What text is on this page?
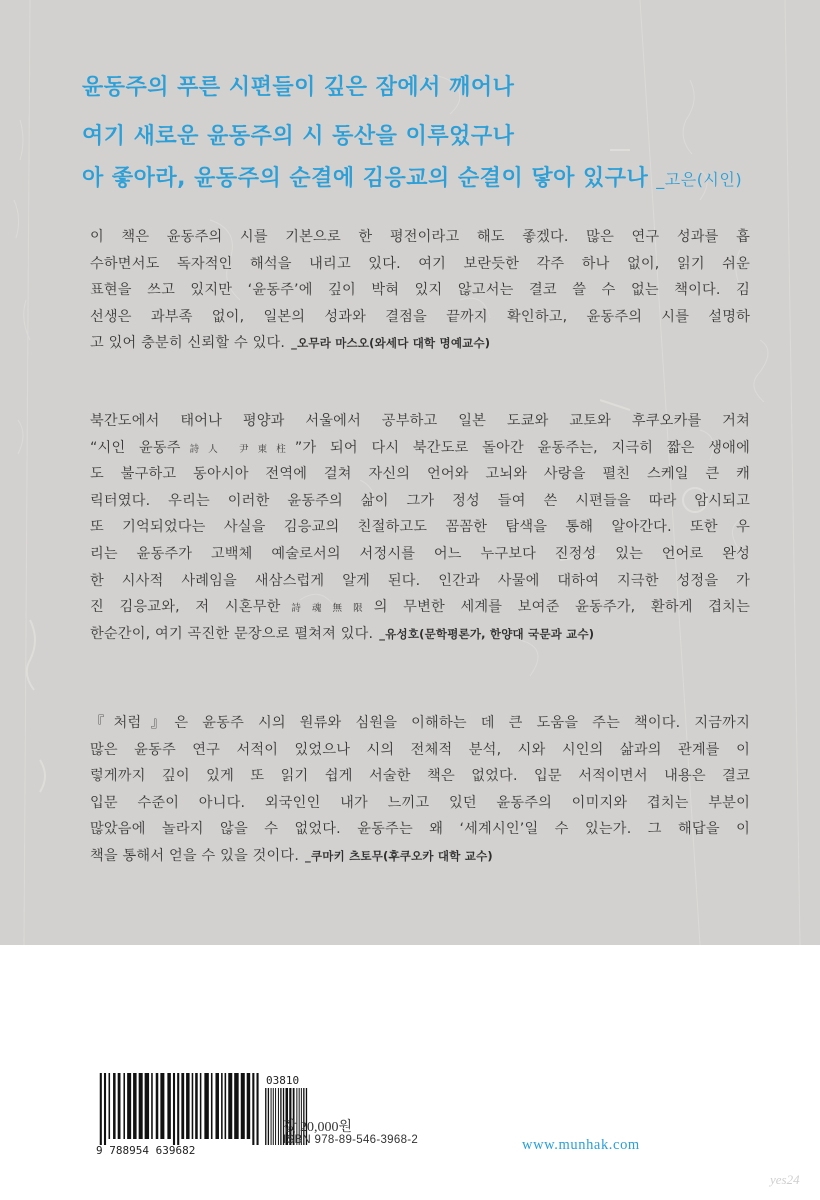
윤동주의 푸른 시편들이 깊은 잠에서 깨어나
여기 새로운 윤동주의 시 동산을 이루었구나
아 좋아라, 윤동주의 순결에 김응교의 순결이 닿아 있구나 _고은(시인)
이 책은 윤동주의 시를 기본으로 한 평전이라고 해도 좋겠다. 많은 연구 성과를 흡
수하면서도 독자적인 해석을 내리고 있다. 여기 보란듯한 각주 하나 없이, 읽기 쉬운
표현을 쓰고 있지만 ‘윤동주’에 깊이 박혀 있지 않고서는 결코 쓸 수 없는 책이다. 김
선생은 과부족 없이, 일본의 성과와 결점을 끝까지 확인하고, 윤동주의 시를 설명하
고 있어 충분히 신뢰할 수 있다. _오무라 마스오(와세다 대학 명예교수)
북간도에서 태어나 평양과 서울에서 공부하고 일본 도쿄와 교토와 후쿠오카를 거쳐
“시인 윤동주詩人 尹東柱”가 되어 다시 북간도로 돌아간 윤동주는, 지극히 짧은 생애에
도 불구하고 동아시아 전역에 걸쳐 자신의 언어와 고뇌와 사랑을 펼친 스케일 큰 캐
릭터였다. 우리는 이러한 윤동주의 삶이 그가 정성 들여 쓴 시편들을 따라 암시되고
또 기억되었다는 사실을 김응교의 친절하고도 꼼꼼한 탐색을 통해 알아간다. 또한 우
리는 윤동주가 고백체 예술로서의 서정시를 어느 누구보다 진정성 있는 언어로 완성
한 시사적 사례임을 새삼스럽게 알게 된다. 인간과 사물에 대하여 지극한 성정을 가
진 김응교와, 저 시혼무한詩魂無限의 무변한 세계를 보여준 윤동주가, 환하게 겹치는
한순간이, 여기 곡진한 문장으로 펼쳐져 있다. _유성호(문학평론가, 한양대 국문과 교수)
『처럼』은 윤동주 시의 원류와 심원을 이해하는 데 큰 도움을 주는 책이다. 지금까지
많은 윤동주 연구 서적이 있었으나 시의 전체적 분석, 시와 시인의 삶과의 관계를 이
렇게까지 깊이 있게 또 읽기 쉽게 서술한 책은 없었다. 입문 서적이면서 내용은 결코
입문 수준이 아니다. 외국인인 내가 느끼고 있던 윤동주의 이미지와 겹치는 부분이
많았음에 놀라지 않을 수 없었다. 윤동주는 왜 ‘세계시인’일 수 있는가. 그 해답을 이
책을 통해서 얻을 수 있을 것이다. _쿠마키 츠토무(후쿠오카 대학 교수)
9 788954 639682
03810
값 20,000원
ISBN 978-89-546-3968-2	www.munhak.com
yes24
